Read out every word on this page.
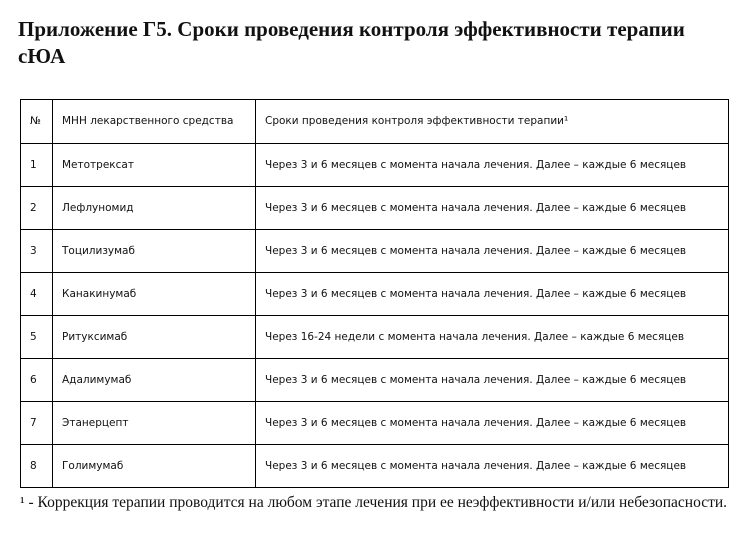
Приложение Г5. Сроки проведения контроля эффективности терапии сЮА
№	МНН лекарственного средства	Сроки проведения контроля эффективности терапии¹
1	Метотрексат	Через 3 и 6 месяцев с момента начала лечения. Далее – каждые 6 месяцев
2	Лефлуномид	Через 3 и 6 месяцев с момента начала лечения. Далее – каждые 6 месяцев
3	Тоцилизумаб	Через 3 и 6 месяцев с момента начала лечения. Далее – каждые 6 месяцев
4	Канакинумаб	Через 3 и 6 месяцев с момента начала лечения. Далее – каждые 6 месяцев
5	Ритуксимаб	Через 16-24 недели с момента начала лечения. Далее – каждые 6 месяцев
6	Адалимумаб	Через 3 и 6 месяцев с момента начала лечения. Далее – каждые 6 месяцев
7	Этанерцепт	Через 3 и 6 месяцев с момента начала лечения. Далее – каждые 6 месяцев
8	Голимумаб	Через 3 и 6 месяцев с момента начала лечения. Далее – каждые 6 месяцев
¹ - Коррекция терапии проводится на любом этапе лечения при ее неэффективности и/или небезопасности.
